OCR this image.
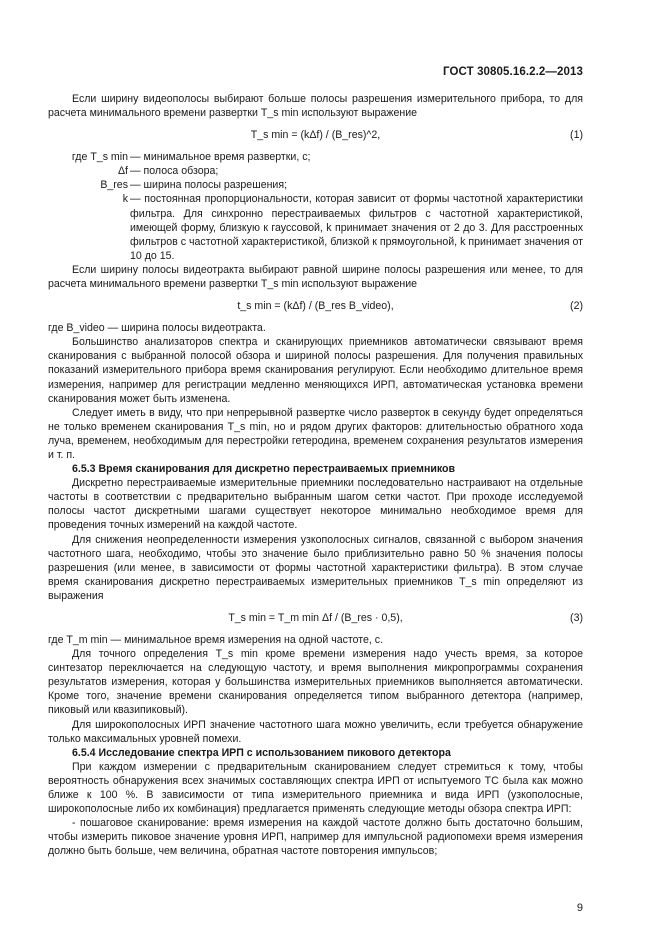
ГОСТ 30805.16.2.2—2013

Если ширину видеополосы выбирают больше полосы разрешения измерительного прибора, то для расчета минимального времени развертки T_s min используют выражение

T_s min = (kΔf) / (B_res)^2,	(1)
где T_s min — минимальное время развертки, с;
Δf — полоса обзора;
B_res — ширина полосы разрешения;
k — постоянная пропорциональности, которая зависит от формы частотной характеристики фильтра. Для синхронно перестраиваемых фильтров с частотной характеристикой, имеющей форму, близкую к гауссовой, k принимает значения от 2 до 3. Для расстроенных фильтров с частотной характеристикой, близкой к прямоугольной, k принимает значения от 10 до 15.

Если ширину полосы видеотракта выбирают равной ширине полосы разрешения или менее, то для расчета минимального времени развертки T_s min используют выражение

t_s min = (kΔf) / (B_res B_video),	(2)

где B_video — ширина полосы видеотракта.

Большинство анализаторов спектра и сканирующих приемников автоматически связывают время сканирования с выбранной полосой обзора и шириной полосы разрешения. Для получения правильных показаний измерительного прибора время сканирования регулируют. Если необходимо длительное время измерения, например для регистрации медленно меняющихся ИРП, автоматическая установка времени сканирования может быть изменена.

Следует иметь в виду, что при непрерывной развертке число разверток в секунду будет определяться не только временем сканирования T_s min, но и рядом других факторов: длительностью обратного хода луча, временем, необходимым для перестройки гетеродина, временем сохранения результатов измерения и т. п.

6.5.3 Время сканирования для дискретно перестраиваемых приемников

Дискретно перестраиваемые измерительные приемники последовательно настраивают на отдельные частоты в соответствии с предварительно выбранным шагом сетки частот. При проходе исследуемой полосы частот дискретными шагами существует некоторое минимально необходимое время для проведения точных измерений на каждой частоте.

Для снижения неопределенности измерения узкополосных сигналов, связанной с выбором значения частотного шага, необходимо, чтобы это значение было приблизительно равно 50 % значения полосы разрешения (или менее, в зависимости от формы частотной характеристики фильтра). В этом случае время сканирования дискретно перестраиваемых измерительных приемников T_s min определяют из выражения

T_s min = T_m min Δf / (B_res · 0,5),	(3)

где T_m min — минимальное время измерения на одной частоте, с.

Для точного определения T_s min кроме времени измерения надо учесть время, за которое синтезатор переключается на следующую частоту, и время выполнения микропрограммы сохранения результатов измерения, которая у большинства измерительных приемников выполняется автоматически. Кроме того, значение времени сканирования определяется типом выбранного детектора (например, пиковый или квазипиковый).

Для широкополосных ИРП значение частотного шага можно увеличить, если требуется обнаружение только максимальных уровней помехи.

6.5.4 Исследование спектра ИРП с использованием пикового детектора

При каждом измерении с предварительным сканированием следует стремиться к тому, чтобы вероятность обнаружения всех значимых составляющих спектра ИРП от испытуемого ТС была как можно ближе к 100 %. В зависимости от типа измерительного приемника и вида ИРП (узкополосные, широкополосные либо их комбинация) предлагается применять следующие методы обзора спектра ИРП:

- пошаговое сканирование: время измерения на каждой частоте должно быть достаточно большим, чтобы измерить пиковое значение уровня ИРП, например для импульсной радиопомехи время измерения должно быть больше, чем величина, обратная частоте повторения импульсов;

9
